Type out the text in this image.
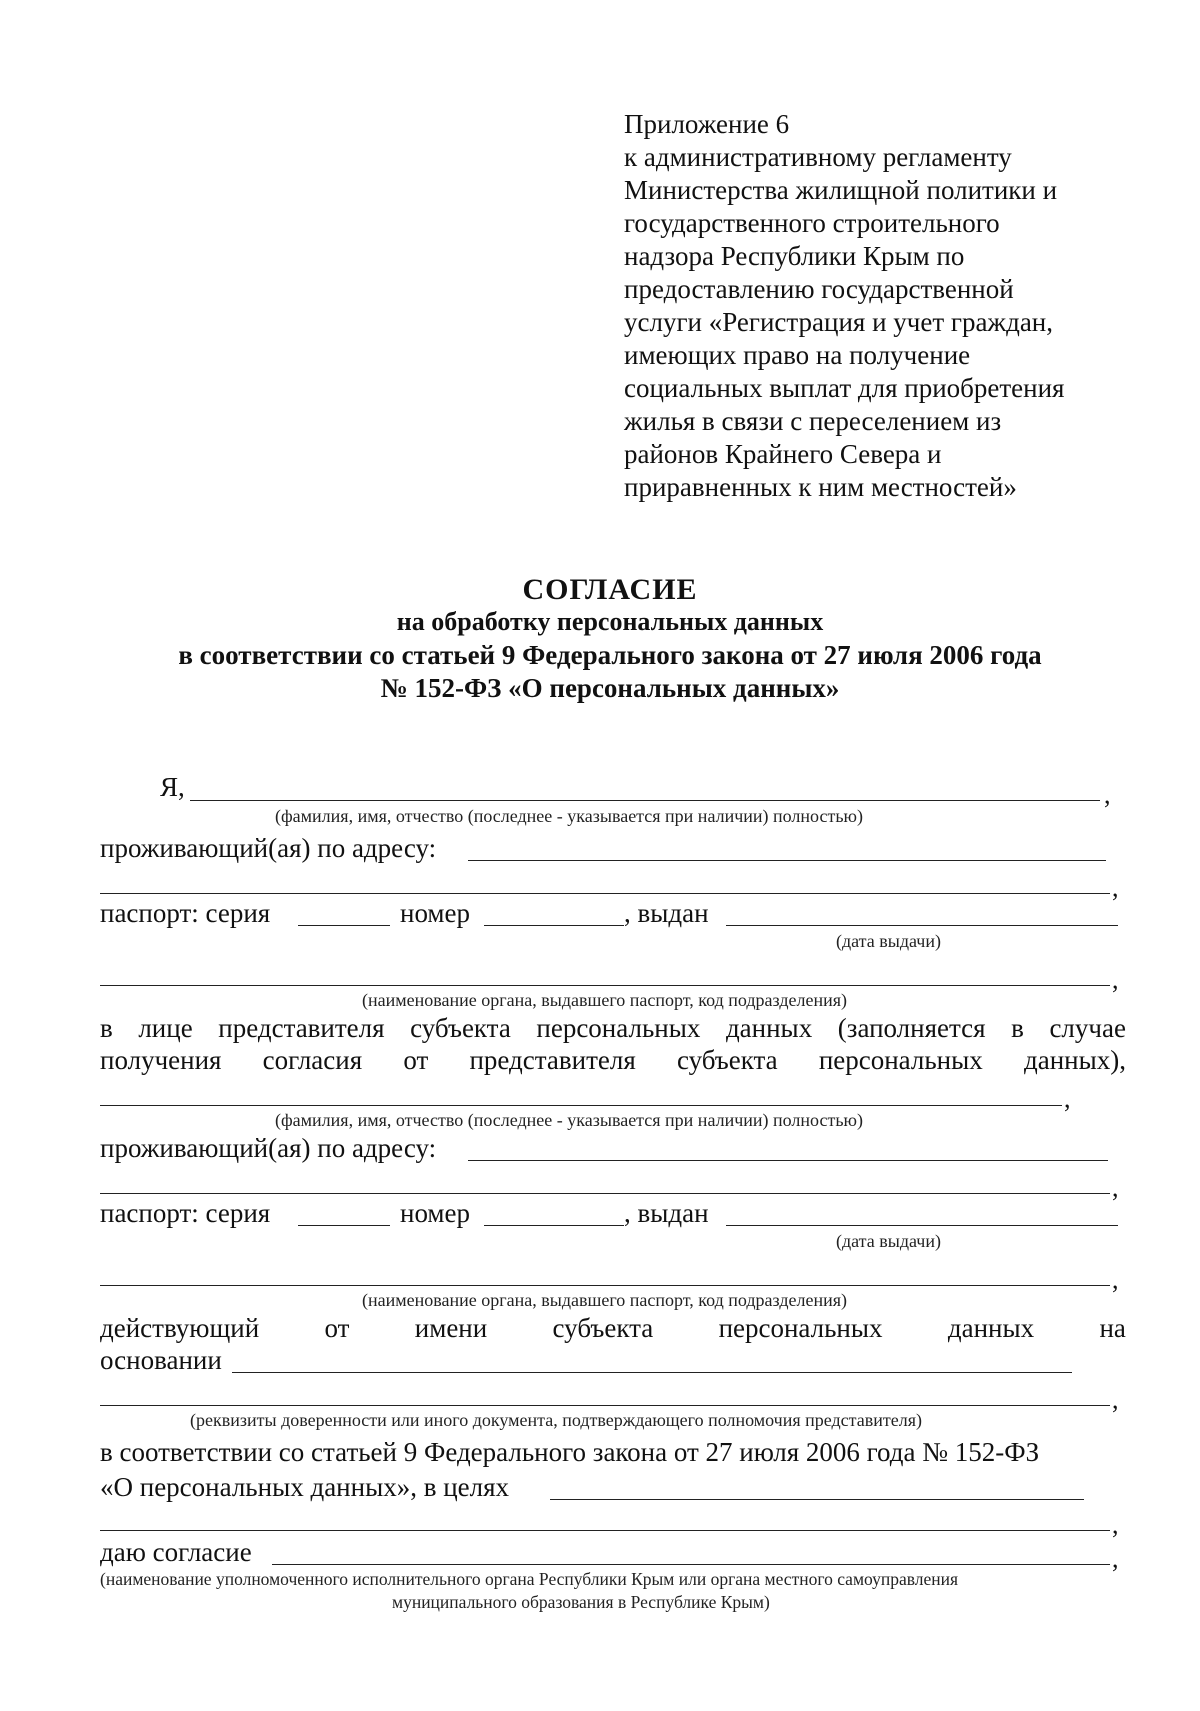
Приложение 6
к административному регламенту
Министерства жилищной политики и
государственного строительного
надзора Республики Крым по
предоставлению государственной
услуги «Регистрация и учет граждан,
имеющих право на получение
социальных выплат для приобретения
жилья в связи с переселением из
районов Крайнего Севера и
приравненных к ним местностей»
СОГЛАСИЕ
на обработку персональных данных
в соответствии со статьей 9 Федерального закона от 27 июля 2006 года
№ 152-ФЗ «О персональных данных»
Я,	,
(фамилия, имя, отчество (последнее - указывается при наличии) полностью)
проживающий(ая) по адресу:
,
паспорт: серия	номер	, выдан
(дата выдачи)
,
(наименование органа, выдавшего паспорт, код подразделения)
в лице представителя субъекта персональных данных (заполняется в случае
получения согласия от представителя субъекта персональных данных),
,
(фамилия, имя, отчество (последнее - указывается при наличии) полностью)
проживающий(ая) по адресу:
,
паспорт: серия	номер	, выдан
(дата выдачи)
,
(наименование органа, выдавшего паспорт, код подразделения)
действующий от имени субъекта персональных данных на
основании
,
(реквизиты доверенности или иного документа, подтверждающего полномочия представителя)
в соответствии со статьей 9 Федерального закона от 27 июля 2006 года № 152-ФЗ
«О персональных данных», в целях
,
даю согласие	,
(наименование уполномоченного исполнительного органа Республики Крым или органа местного самоуправления
муниципального образования в Республике Крым)
